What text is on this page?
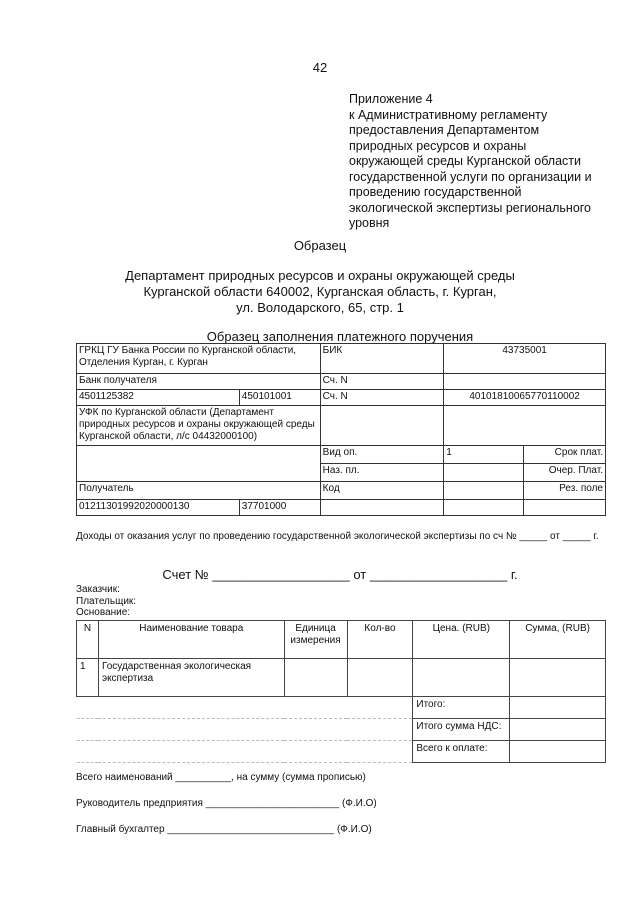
42
Приложение 4
к Административному регламенту
предоставления Департаментом
природных ресурсов и охраны
окружающей среды Курганской области
государственной услуги по организации и
проведению государственной
экологической экспертизы регионального
уровня
Образец
Департамент природных ресурсов и охраны окружающей среды
Курганской области 640002, Курганская область, г. Курган,
ул. Володарского, 65, стр. 1
Образец заполнения платежного поручения
ГРКЦ ГУ Банка России по Курганской области, Отделения Курган, г. Курган		БИК	43735001	
Банк получателя		Сч. N		
4501125382	450101001	Сч. N	40101810065770110002	
УФК по Курганской области (Департамент природных ресурсов и охраны окружающей среды Курганской области, л/с 04432000100)				
		Вид оп.	1	Срок плат.
		Наз. пл.		Очер. Плат.
Получатель		Код		Рез. поле
01211301992020000130	37701000			
Доходы от оказания услуг по проведению государственной экологической экспертизы по сч № _____ от _____ г.
Счет № ___________________ от ___________________ г.
Заказчик:
Плательщик:
Основание:
N	Наименование товара	Единица измерения	Кол-во	Цена. (RUB)	Сумма, (RUB)
1	Государственная экологическая экспертиза				
				Итого:	
				Итого сумма НДС:	
				Всего к оплате:	
Всего наименований __________, на сумму (сумма прописью)
Руководитель предприятия ________________________ (Ф.И.О)
Главный бухгалтер ______________________________ (Ф.И.О)
